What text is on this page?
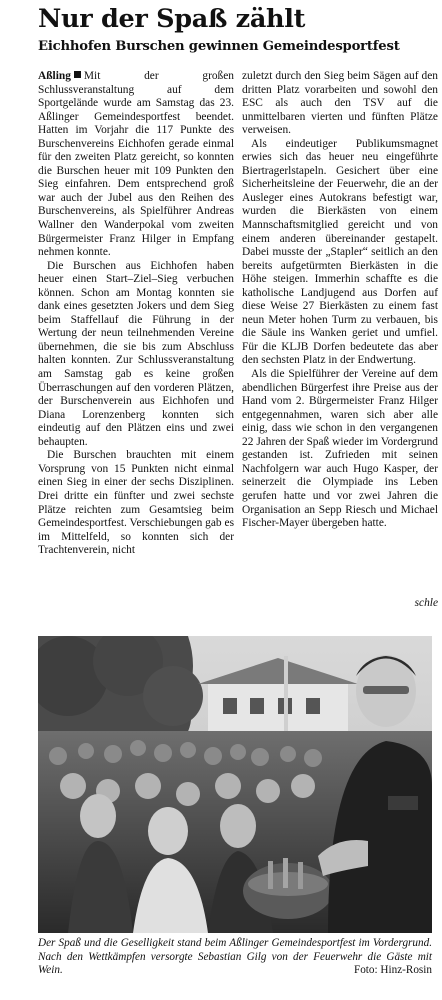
Nur der Spaß zählt
Eichhofen Burschen gewinnen Gemeindesportfest

Aßling Mit der großen Schlussveranstaltung auf dem Sportgelände wurde am Samstag das 23. Aßlinger Gemeindesportfest beendet. Hatten im Vorjahr die 117 Punkte des Burschenvereins Eichhofen gerade einmal für den zweiten Platz gereicht, so konnten die Burschen heuer mit 109 Punkten den Sieg einfahren. Dem entsprechend groß war auch der Jubel aus den Reihen des Burschenvereins, als Spielführer Andreas Wallner den Wanderpokal vom zweiten Bürgermeister Franz Hilger in Empfang nehmen konnte.

Die Burschen aus Eichhofen haben heuer einen Start–Ziel–Sieg verbuchen können. Schon am Montag konnten sie dank eines gesetzten Jokers und dem Sieg beim Staffellauf die Führung in der Wertung der neun teilnehmenden Vereine übernehmen, die sie bis zum Abschluss halten konnten. Zur Schlussveranstaltung am Samstag gab es keine großen Überraschungen auf den vorderen Plätzen, der Burschenverein aus Eichhofen und Diana Lorenzenberg konnten sich eindeutig auf den Plätzen eins und zwei behaupten.

Die Burschen brauchten mit einem Vorsprung von 15 Punkten nicht einmal einen Sieg in einer der sechs Disziplinen. Drei dritte ein fünfter und zwei sechste Plätze reichten zum Gesamtsieg beim Gemeindesportfest. Verschiebungen gab es im Mittelfeld, so konnten sich der Trachtenverein, nicht

zuletzt durch den Sieg beim Sägen auf den dritten Platz vorarbeiten und sowohl den ESC als auch den TSV auf die unmittelbaren vierten und fünften Plätze verweisen.

Als eindeutiger Publikumsmagnet erwies sich das heuer neu eingeführte Biertragerlstapeln. Gesichert über eine Sicherheitsleine der Feuerwehr, die an der Ausleger eines Autokrans befestigt war, wurden die Bierkästen von einem Mannschaftsmitglied gereicht und von einem anderen übereinander gestapelt. Dabei musste der „Stapler“ seitlich an den bereits aufgetürmten Bierkästen in die Höhe steigen. Immerhin schaffte es die katholische Landjugend aus Dorfen auf diese Weise 27 Bierkästen zu einem fast neun Meter hohen Turm zu verbauen, bis die Säule ins Wanken geriet und umfiel. Für die KLJB Dorfen bedeutete das aber den sechsten Platz in der Endwertung.

Als die Spielführer der Vereine auf dem abendlichen Bürgerfest ihre Preise aus der Hand vom 2. Bürgermeister Franz Hilger entgegennahmen, waren sich aber alle einig, dass wie schon in den vergangenen 22 Jahren der Spaß wieder im Vordergrund gestanden ist. Zufrieden mit seinen Nachfolgern war auch Hugo Kasper, der seinerzeit die Olympiade ins Leben gerufen hatte und vor zwei Jahren die Organisation an Sepp Riesch und Michael Fischer-Mayer übergeben hatte.

schle

Der Spaß und die Geselligkeit stand beim Aßlinger Gemeindesportfest im Vordergrund. Nach den Wettkämpfen versorgte Sebastian Gilg von der Feuerwehr die Gäste mit Wein.	Foto: Hinz-Rosin
